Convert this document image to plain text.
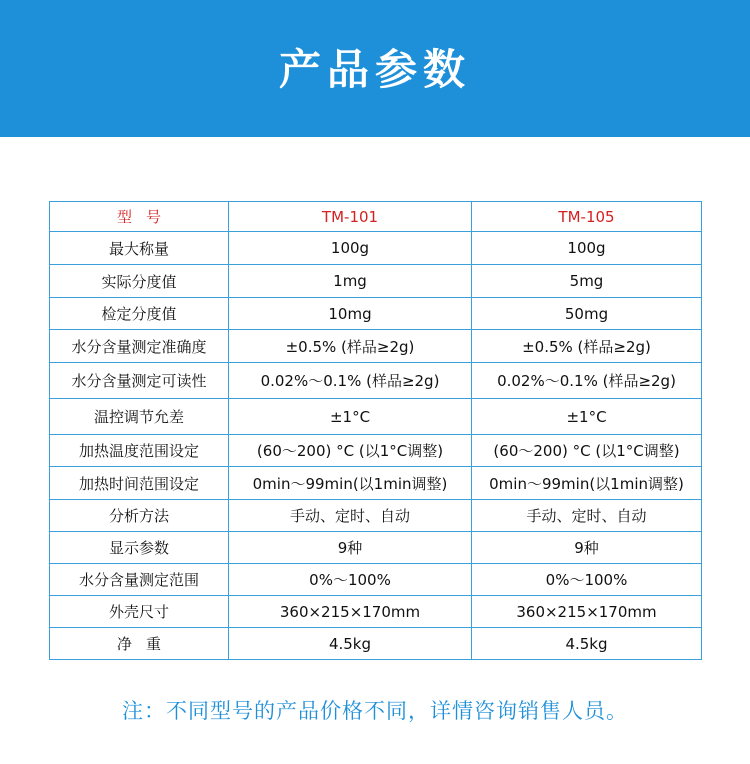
产品参数
型号	TM-101	TM-105
最大称量	100g	100g
实际分度值	1mg	5mg
检定分度值	10mg	50mg
水分含量测定准确度	±0.5% (样品≥2g)	±0.5% (样品≥2g)
水分含量测定可读性	0.02%～0.1% (样品≥2g)	0.02%～0.1% (样品≥2g)
温控调节允差	±1°C	±1°C
加热温度范围设定	(60～200) °C (以1°C调整)	(60～200) °C (以1°C调整)
加热时间范围设定	0min～99min(以1min调整)	0min～99min(以1min调整)
分析方法	手动、定时、自动	手动、定时、自动
显示参数	9种	9种
水分含量测定范围	0%～100%	0%～100%
外壳尺寸	360×215×170mm	360×215×170mm
净重	4.5kg	4.5kg
注：不同型号的产品价格不同，详情咨询销售人员。
